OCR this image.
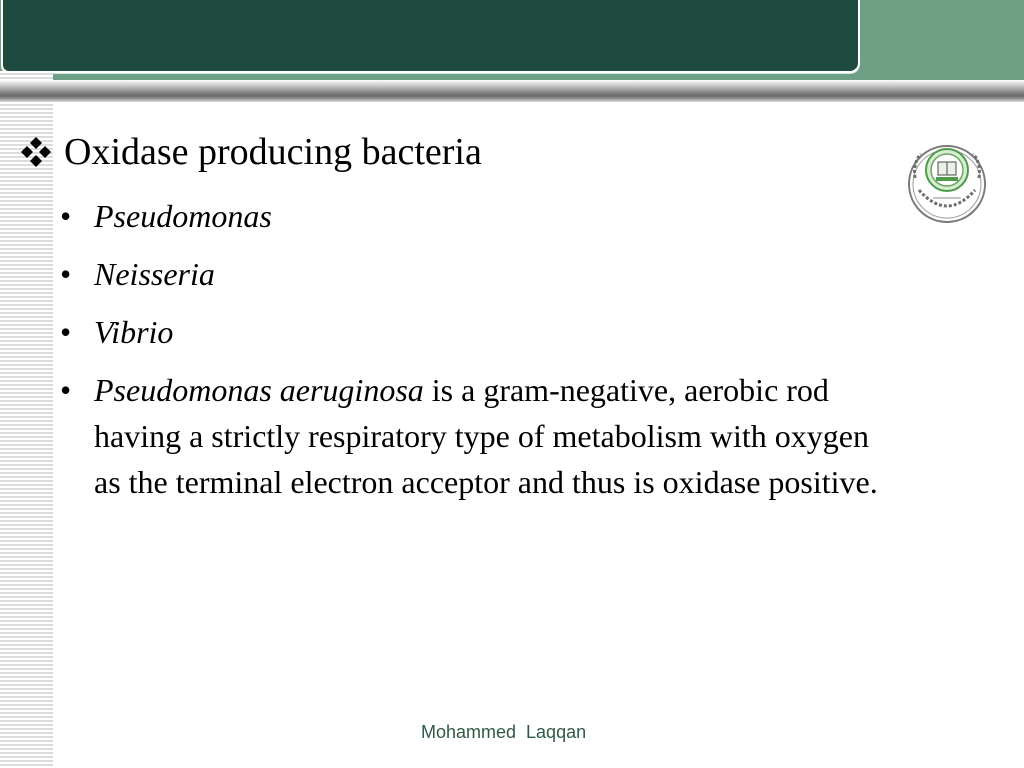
Oxidase producing bacteria
• Pseudomonas
• Neisseria
• Vibrio
• Pseudomonas aeruginosa is a gram-negative, aerobic rod having a strictly respiratory type of metabolism with oxygen as the terminal electron acceptor and thus is oxidase positive.
Mohammed  Laqqan
